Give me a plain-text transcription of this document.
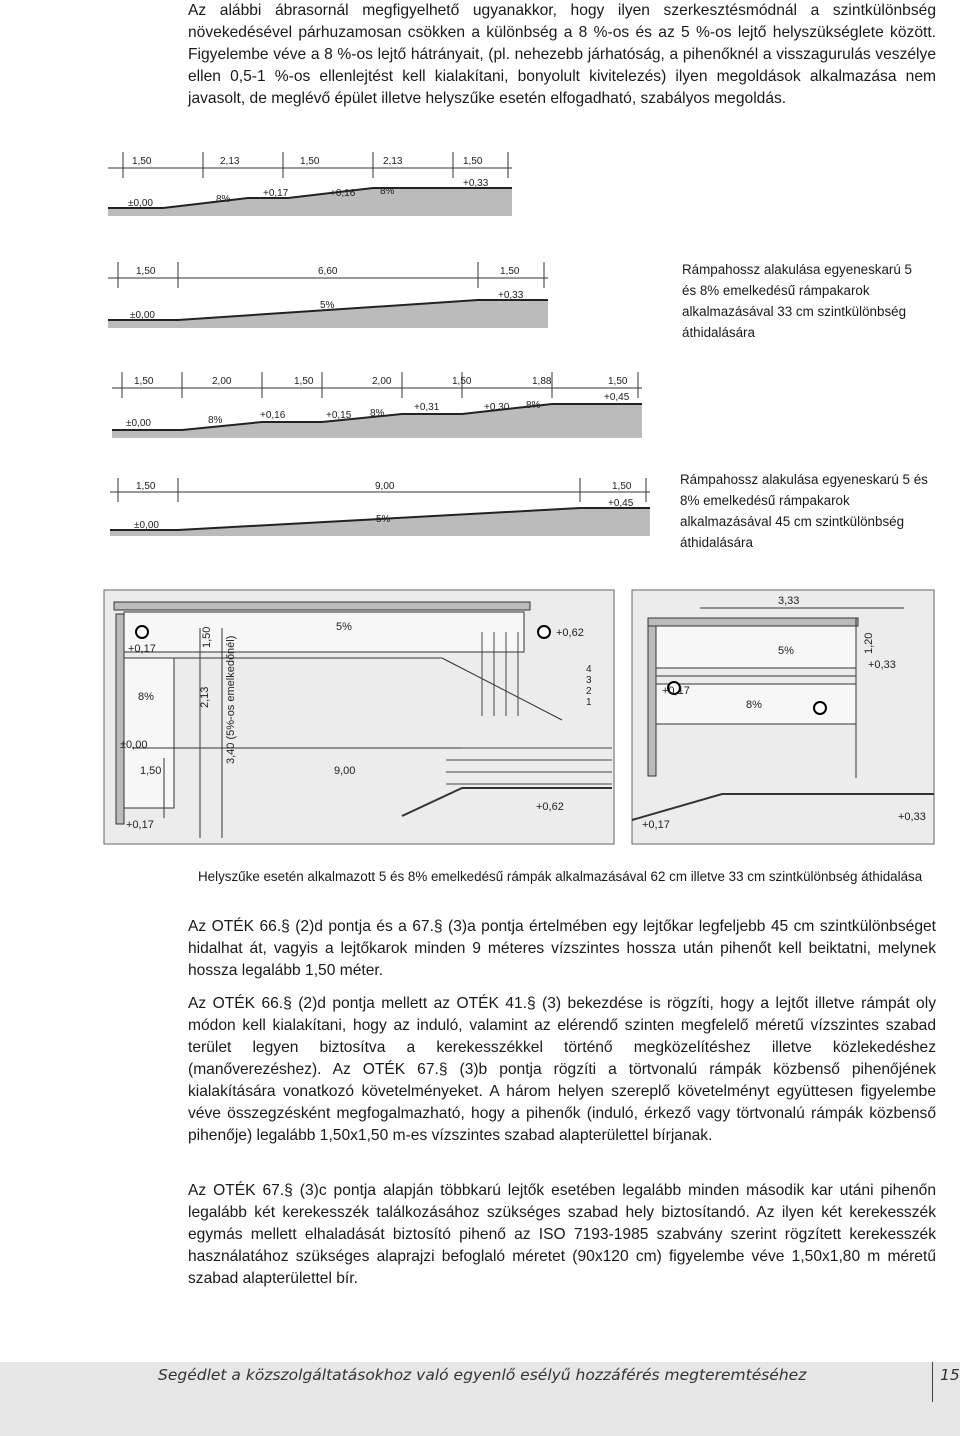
Az alábbi ábrasornál megfigyelhető ugyanakkor, hogy ilyen szerkesztésmódnál a szintkülönbség növekedésével párhuzamosan csökken a különbség a 8 %-os és az 5 %-os lejtő helyszükséglete között. Figyelembe véve a 8 %-os lejtő hátrányait, (pl. nehezebb járhatóság, a pihenőknél a visszagurulás veszélye ellen 0,5-1 %-os ellenlejtést kell kialakítani, bonyolult kivitelezés) ilyen megoldások alkalmazása nem javasolt, de meglévő épület illetve helyszűke esetén elfogadható, szabályos megoldás.

1,50	2,13	1,50	2,13	1,50
±0,00
+0,17	+0,16
+0,33
8%
8%
1,50	6,60	1,50
±0,00
+0,33
5%

Rámpahossz alakulása egyeneskarú 5 és 8% emelkedésű rámpakarok alkalmazásával 33 cm szintkülönbség áthidalására

1,50	2,00	1,50	2,00	1,50	1,88	1,50
±0,00
+0,16	+0,15
+0,31	+0,30
+0,45
8%
8%
8%
1,50	9,00	1,50
±0,00
+0,45
5%

Rámpahossz alakulása egyeneskarú 5 és 8% emelkedésű rámpakarok alkalmazásával 45 cm szintkülönbség áthidalására

+0,17
+0,62
±0,00
+0,62
+0,17
5%
8%
1,50
2,13 3,40 (5%-os emelkedőnél)
1,50	9,00
4
3
2
1
3,33
1,20
5%
8%
+0,33
+0,17
+0,17
+0,33

Helyszűke esetén alkalmazott 5 és 8% emelkedésű rámpák alkalmazásával 62 cm illetve 33 cm szintkülönbség áthidalása

Az OTÉK 66.§ (2)d pontja és a 67.§ (3)a pontja értelmében egy lejtőkar legfeljebb 45 cm szintkülönbséget hidalhat át, vagyis a lejtőkarok minden 9 méteres vízszintes hossza után pihenőt kell beiktatni, melynek hossza legalább 1,50 méter.

Az OTÉK 66.§ (2)d pontja mellett az OTÉK 41.§ (3) bekezdése is rögzíti, hogy a lejtőt illetve rámpát oly módon kell kialakítani, hogy az induló, valamint az elérendő szinten megfelelő méretű vízszintes szabad terület legyen biztosítva a kerekesszékkel történő megközelítéshez illetve közlekedéshez (manőverezéshez). Az OTÉK 67.§ (3)b pontja rögzíti a törtvonalú rámpák közbenső pihenőjének kialakítására vonatkozó követelményeket. A három helyen szereplő követelményt együttesen figyelembe véve összegzésként megfogalmazható, hogy a pihenők (induló, érkező vagy törtvonalú rámpák közbenső pihenője) legalább 1,50x1,50 m-es vízszintes szabad alapterülettel bírjanak.

Az OTÉK 67.§ (3)c pontja alapján többkarú lejtők esetében legalább minden második kar utáni pihenőn legalább két kerekesszék találkozásához szükséges szabad hely biztosítandó. Az ilyen két kerekesszék egymás mellett elhaladását biztosító pihenő az ISO 7193-1985 szabvány szerint rögzített kerekesszék használatához szükséges alaprajzi befoglaló méretet (90x120 cm) figyelembe véve 1,50x1,80 m méretű szabad alapterülettel bír.

Segédlet a közszolgáltatásokhoz való egyenlő esélyű hozzáférés megteremtéséhez	15
